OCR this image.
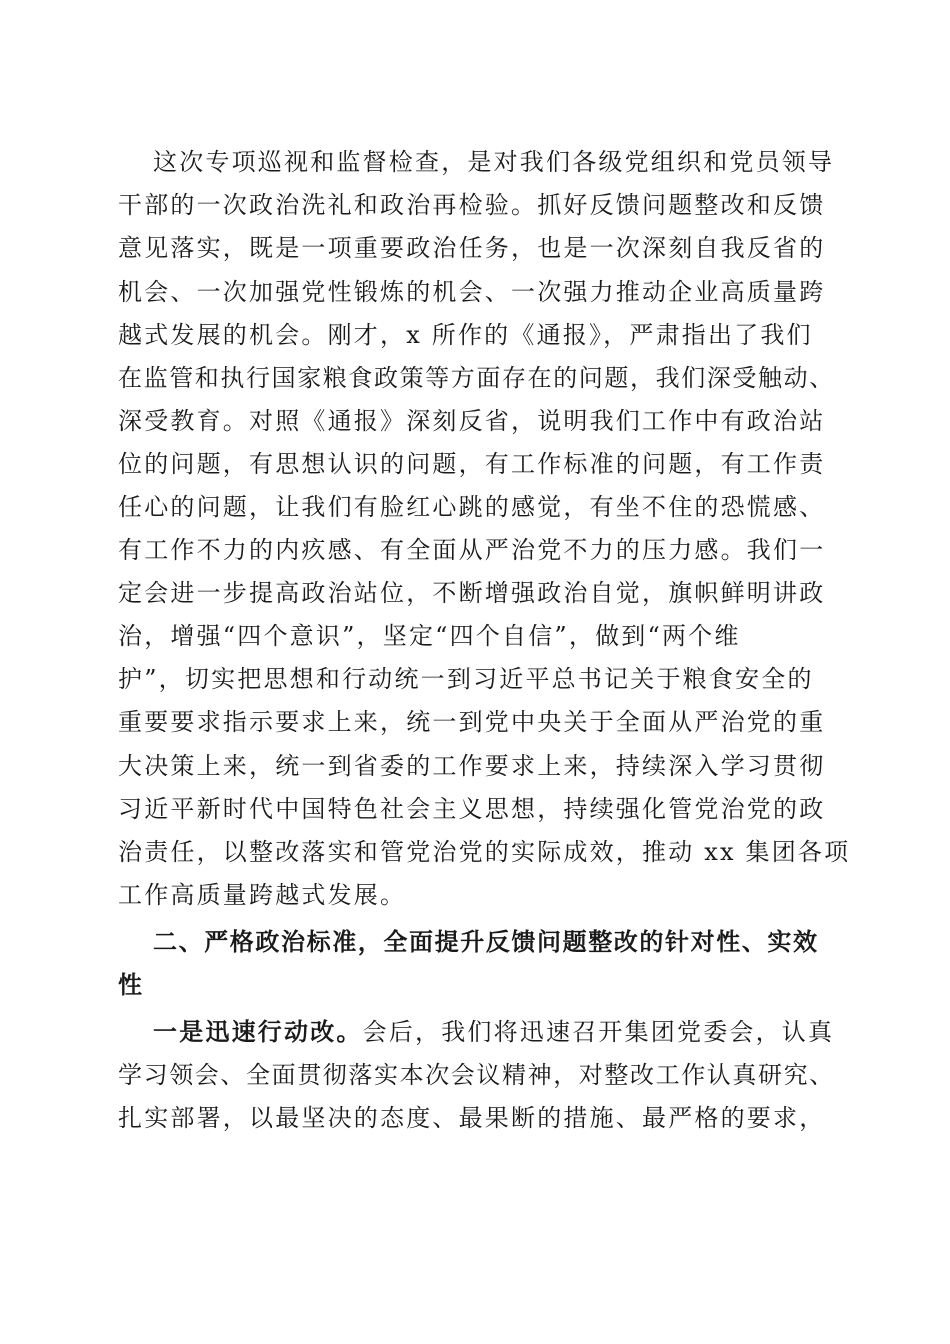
这次专项巡视和监督检查，是对我们各级党组织和党员领导
干部的一次政治洗礼和政治再检验。抓好反馈问题整改和反馈
意见落实，既是一项重要政治任务，也是一次深刻自我反省的
机会、一次加强党性锻炼的机会、一次强力推动企业高质量跨
越式发展的机会。刚才，x 所作的《通报》，严肃指出了我们
在监管和执行国家粮食政策等方面存在的问题，我们深受触动、
深受教育。对照《通报》深刻反省，说明我们工作中有政治站
位的问题，有思想认识的问题，有工作标准的问题，有工作责
任心的问题，让我们有脸红心跳的感觉，有坐不住的恐慌感、
有工作不力的内疚感、有全面从严治党不力的压力感。我们一
定会进一步提高政治站位，不断增强政治自觉，旗帜鲜明讲政
治，增强“四个意识”，坚定“四个自信”，做到“两个维
护”，切实把思想和行动统一到习近平总书记关于粮食安全的
重要要求指示要求上来，统一到党中央关于全面从严治党的重
大决策上来，统一到省委的工作要求上来，持续深入学习贯彻
习近平新时代中国特色社会主义思想，持续强化管党治党的政
治责任，以整改落实和管党治党的实际成效，推动 xx 集团各项
工作高质量跨越式发展。
二、严格政治标准，全面提升反馈问题整改的针对性、实效
性
一是迅速行动改。会后，我们将迅速召开集团党委会，认真
学习领会、全面贯彻落实本次会议精神，对整改工作认真研究、
扎实部署，以最坚决的态度、最果断的措施、最严格的要求，
